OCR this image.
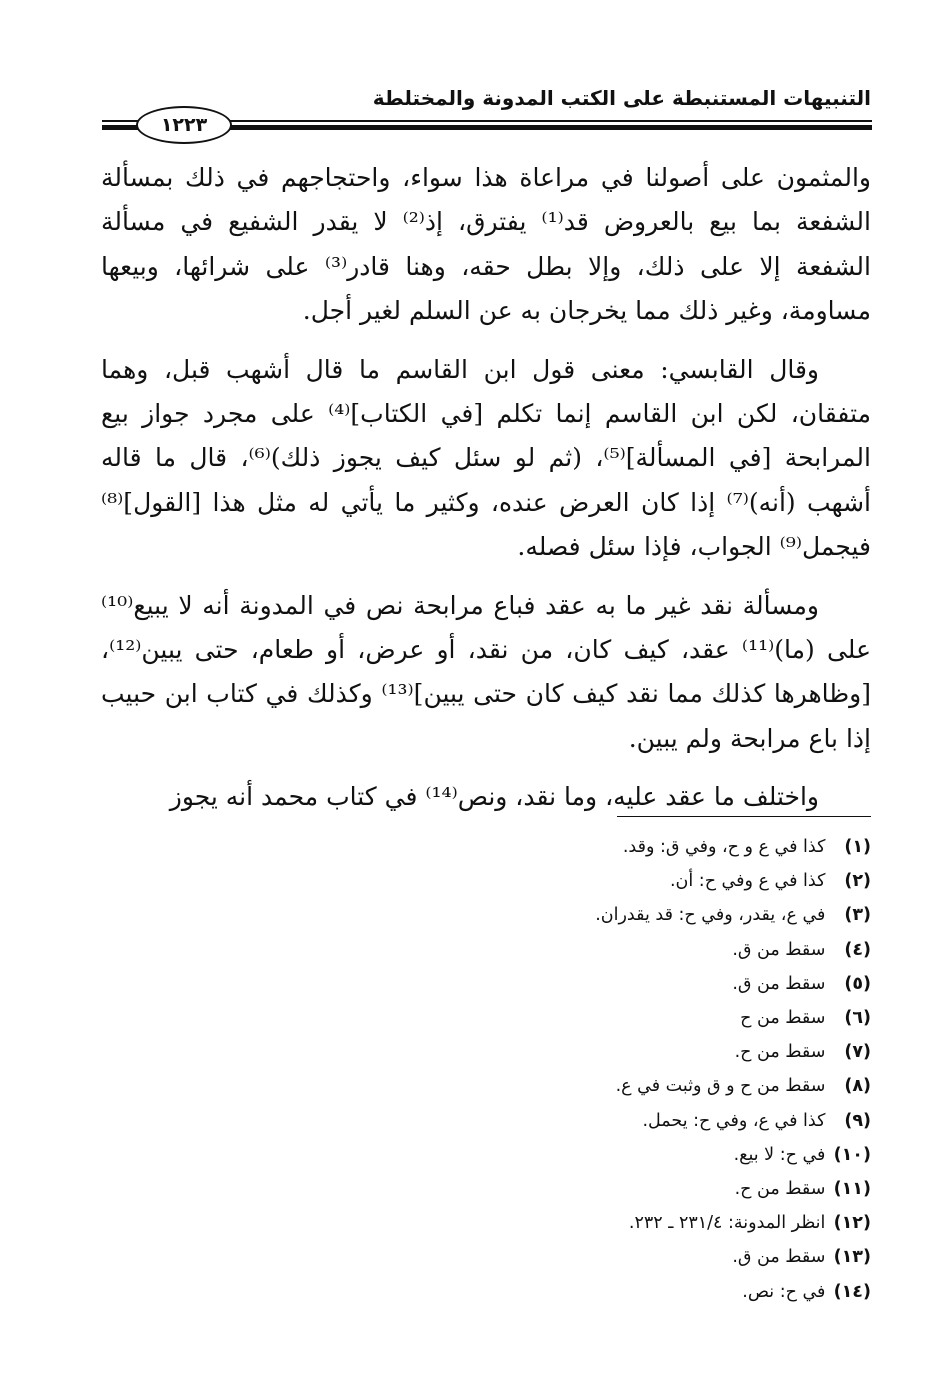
التنبيهات المستنبطة على الكتب المدونة والمختلطة
١٢٢٣

والمثمون على أصولنا في مراعاة هذا سواء، واحتجاجهم في ذلك بمسألة الشفعة بما بيع بالعروض قد⁽¹⁾ يفترق، إذ⁽²⁾ لا يقدر الشفيع في مسألة الشفعة إلا على ذلك، وإلا بطل حقه، وهنا قادر⁽³⁾ على شرائها، وبيعها مساومة، وغير ذلك مما يخرجان به عن السلم لغير أجل.

وقال القابسي: معنى قول ابن القاسم ما قال أشهب قبل، وهما متفقان، لكن ابن القاسم إنما تكلم [في الكتاب]⁽⁴⁾ على مجرد جواز بيع المرابحة [في المسألة]⁽⁵⁾، (ثم لو سئل كيف يجوز ذلك)⁽⁶⁾، قال ما قاله أشهب (أنه)⁽⁷⁾ إذا كان العرض عنده، وكثير ما يأتي له مثل هذا [القول]⁽⁸⁾ فيجمل⁽⁹⁾ الجواب، فإذا سئل فصله.

ومسألة نقد غير ما به عقد فباع مرابحة نص في المدونة أنه لا يبيع⁽¹⁰⁾ على (ما)⁽¹¹⁾ عقد، كيف كان، من نقد، أو عرض، أو طعام، حتى يبين⁽¹²⁾، [وظاهرها كذلك مما نقد كيف كان حتى يبين]⁽¹³⁾ وكذلك في كتاب ابن حبيب إذا باع مرابحة ولم يبين.

واختلف ما عقد عليه، وما نقد، ونص⁽¹⁴⁾ في كتاب محمد أنه يجوز

(١) كذا في ع و ح، وفي ق: وقد.
(٢) كذا في ع وفي ح: أن.
(٣) في ع، يقدر، وفي ح: قد يقدران.
(٤) سقط من ق.
(٥) سقط من ق.
(٦) سقط من ح
(٧) سقط من ح.
(٨) سقط من ح و ق وثبت في ع.
(٩) كذا في ع، وفي ح: يحمل.
(١٠) في ح: لا بيع.
(١١) سقط من ح.
(١٢) انظر المدونة: ٢٣١/٤ ـ ٢٣٢.
(١٣) سقط من ق.
(١٤) في ح: نص.
